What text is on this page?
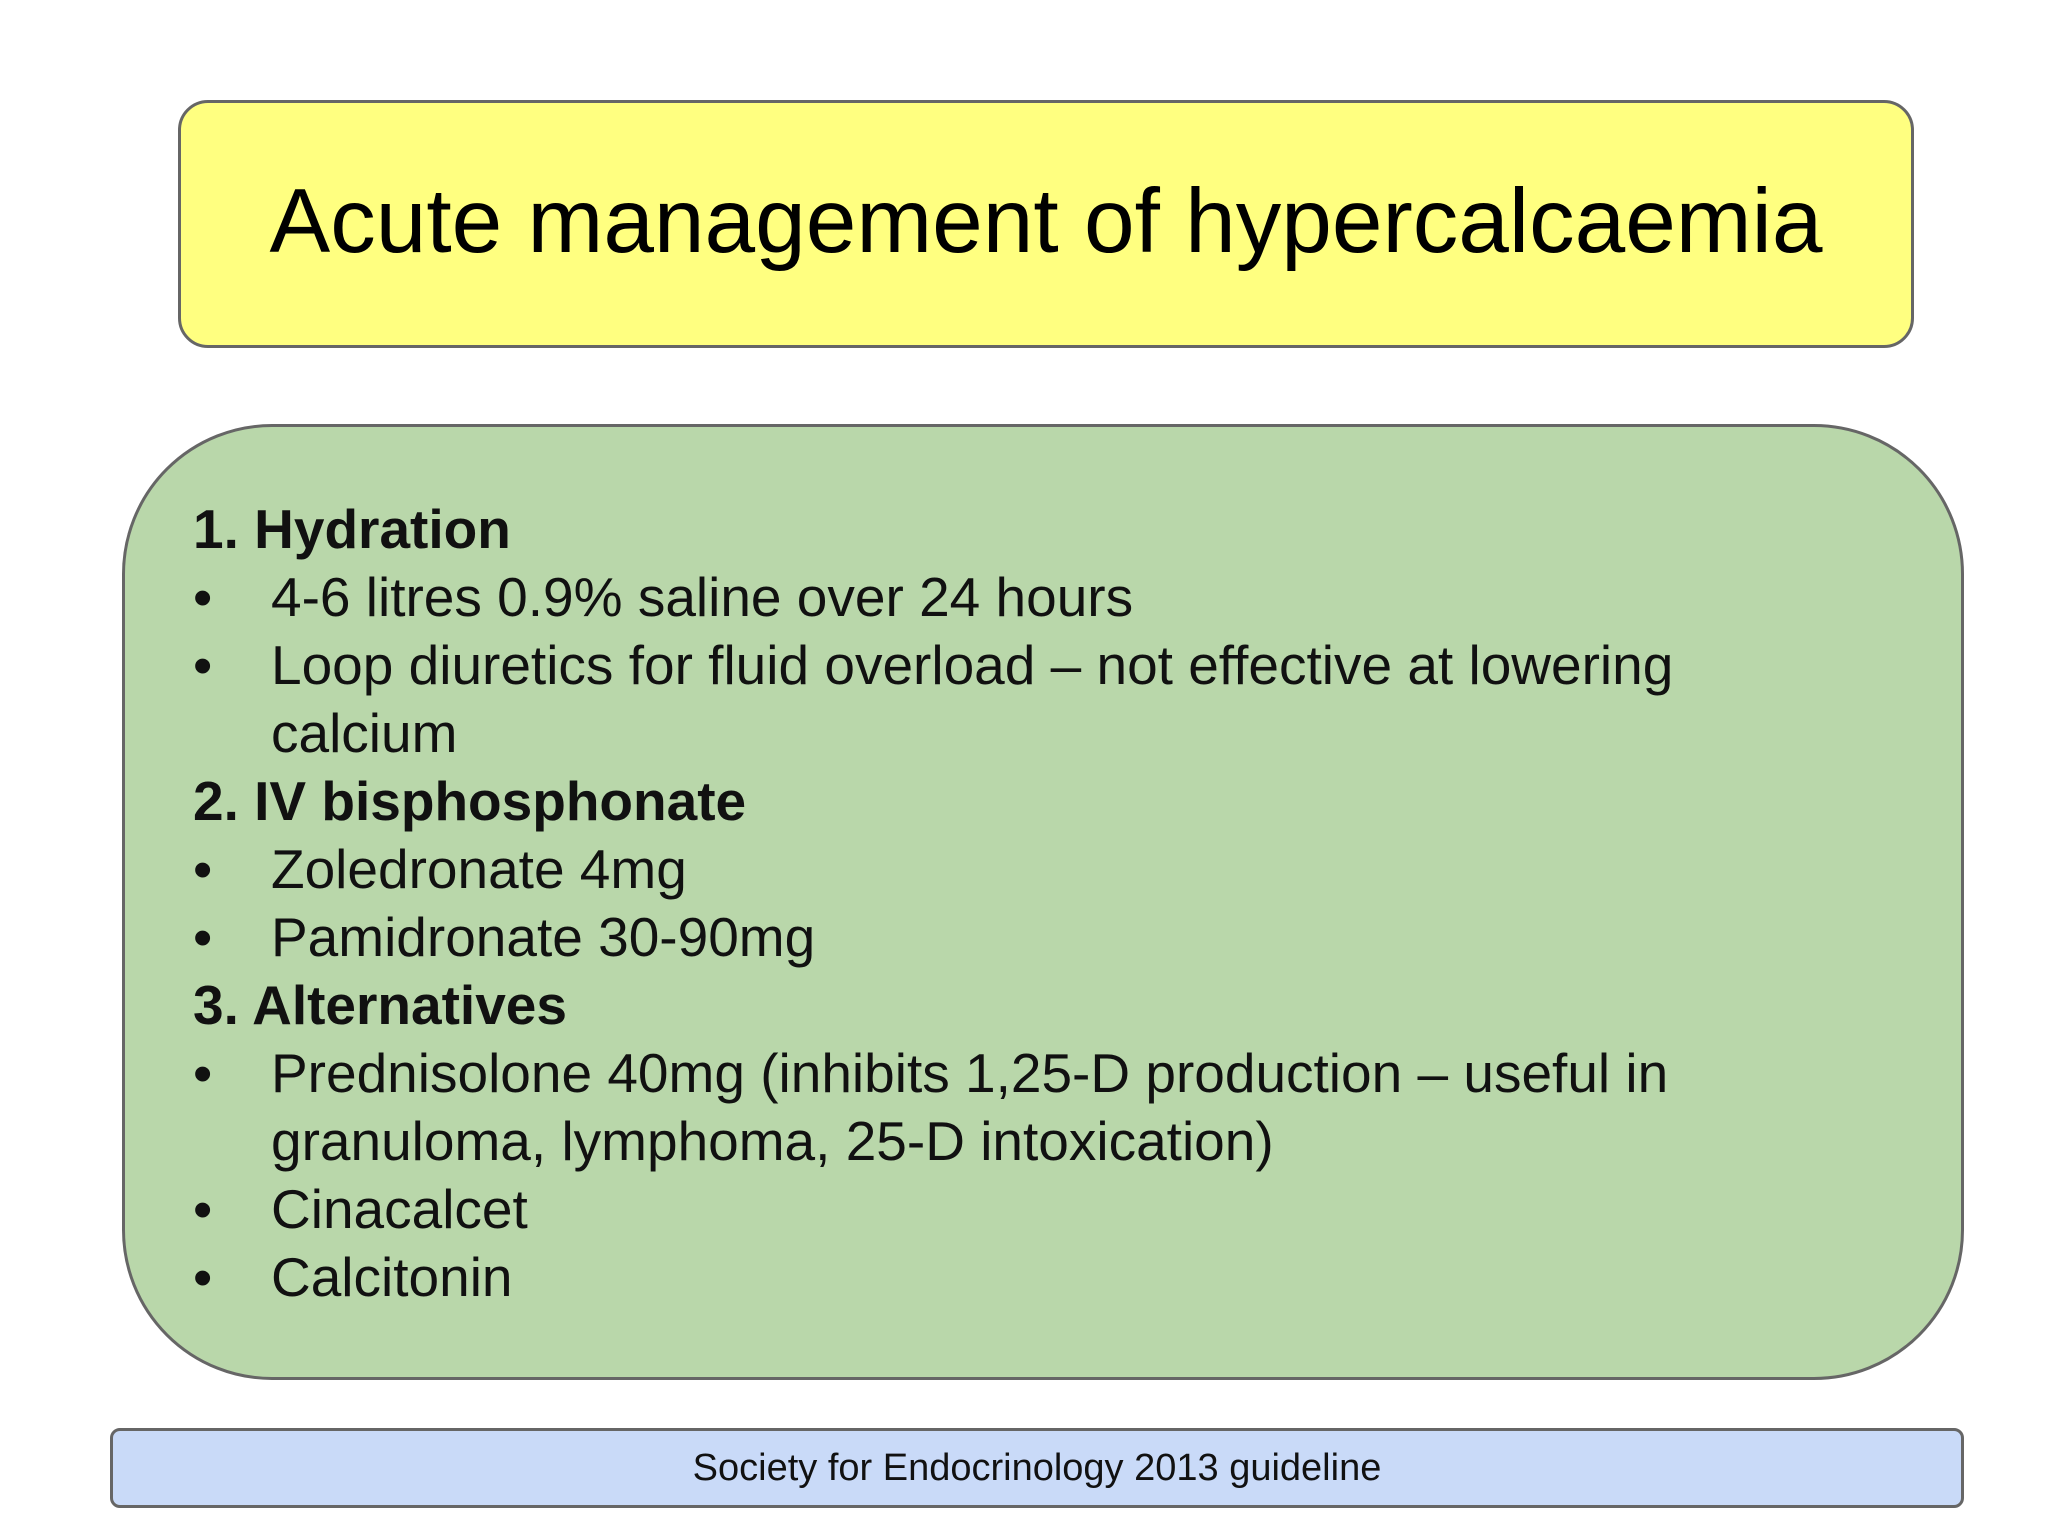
Acute management of hypercalcaemia
1. Hydration
•	4-6 litres 0.9% saline over 24 hours
•	Loop diuretics for fluid overload – not effective at lowering calcium
2. IV bisphosphonate
•	Zoledronate 4mg
•	Pamidronate 30-90mg
3. Alternatives
•	Prednisolone 40mg (inhibits 1,25-D production – useful in granuloma, lymphoma, 25-D intoxication)
•	Cinacalcet
•	Calcitonin
Society for Endocrinology 2013 guideline
